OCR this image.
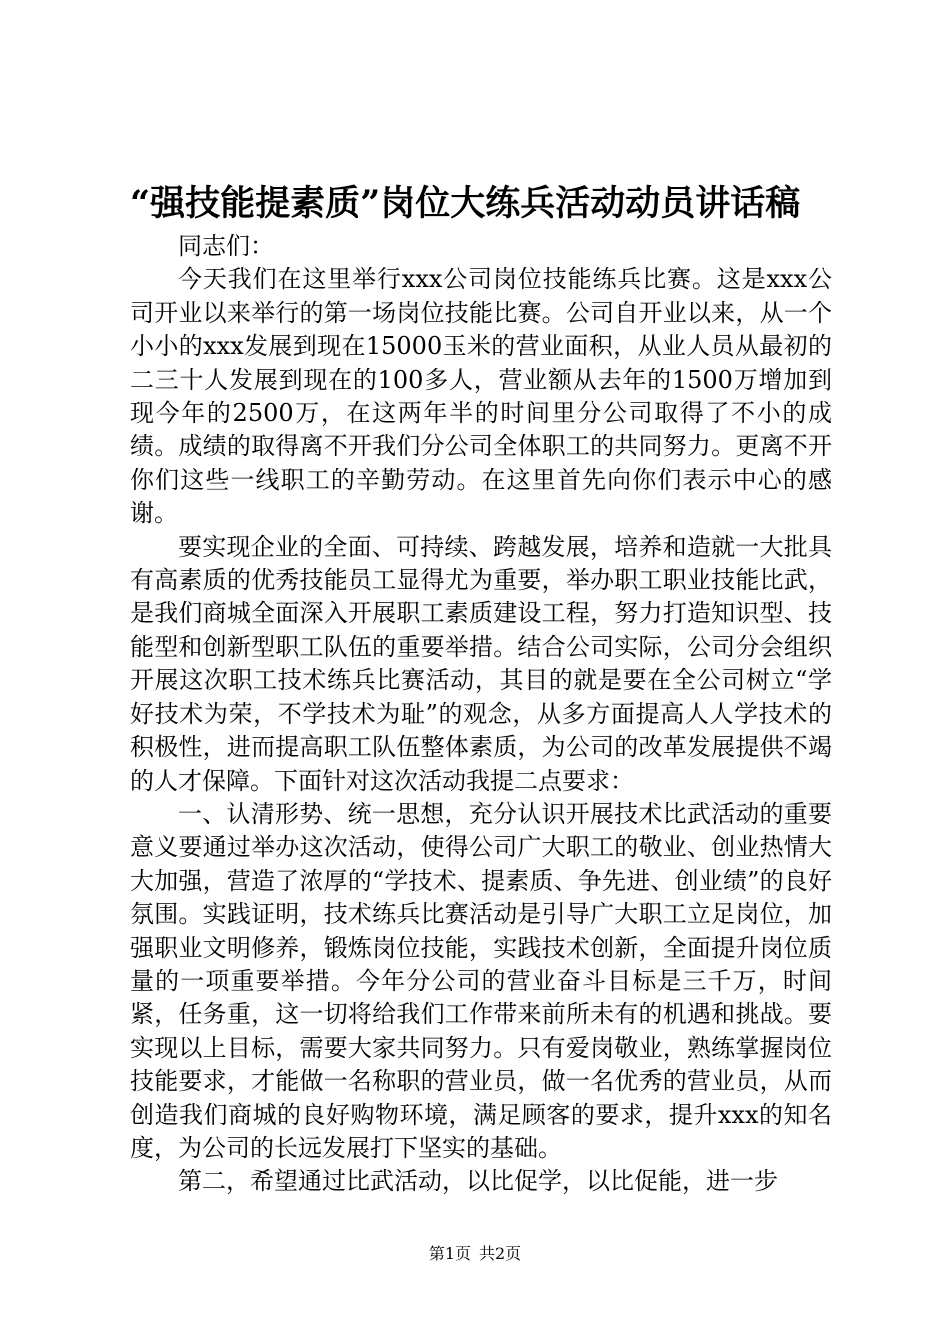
“强技能提素质”岗位大练兵活动动员讲话稿

同志们：

今天我们在这里举行xxx公司岗位技能练兵比赛。这是xxx公司开业以来举行的第一场岗位技能比赛。公司自开业以来，从一个小小的xxx发展到现在15000玉米的营业面积，从业人员从最初的二三十人发展到现在的100多人，营业额从去年的1500万增加到现今年的2500万，在这两年半的时间里分公司取得了不小的成绩。成绩的取得离不开我们分公司全体职工的共同努力。更离不开你们这些一线职工的辛勤劳动。在这里首先向你们表示中心的感谢。

要实现企业的全面、可持续、跨越发展，培养和造就一大批具有高素质的优秀技能员工显得尤为重要，举办职工职业技能比武，是我们商城全面深入开展职工素质建设工程，努力打造知识型、技能型和创新型职工队伍的重要举措。结合公司实际，公司分会组织开展这次职工技术练兵比赛活动，其目的就是要在全公司树立“学好技术为荣，不学技术为耻”的观念，从多方面提高人人学技术的积极性，进而提高职工队伍整体素质，为公司的改革发展提供不竭的人才保障。下面针对这次活动我提二点要求：

一、认清形势、统一思想，充分认识开展技术比武活动的重要意义要通过举办这次活动，使得公司广大职工的敬业、创业热情大大加强，营造了浓厚的“学技术、提素质、争先进、创业绩”的良好氛围。实践证明，技术练兵比赛活动是引导广大职工立足岗位，加强职业文明修养，锻炼岗位技能，实践技术创新，全面提升岗位质量的一项重要举措。今年分公司的营业奋斗目标是三千万，时间紧，任务重，这一切将给我们工作带来前所未有的机遇和挑战。要实现以上目标，需要大家共同努力。只有爱岗敬业，熟练掌握岗位技能要求，才能做一名称职的营业员，做一名优秀的营业员，从而创造我们商城的良好购物环境，满足顾客的要求，提升xxx的知名度，为公司的长远发展打下坚实的基础。

第二，希望通过比武活动，以比促学，以比促能，进一步

第1页 共2页
